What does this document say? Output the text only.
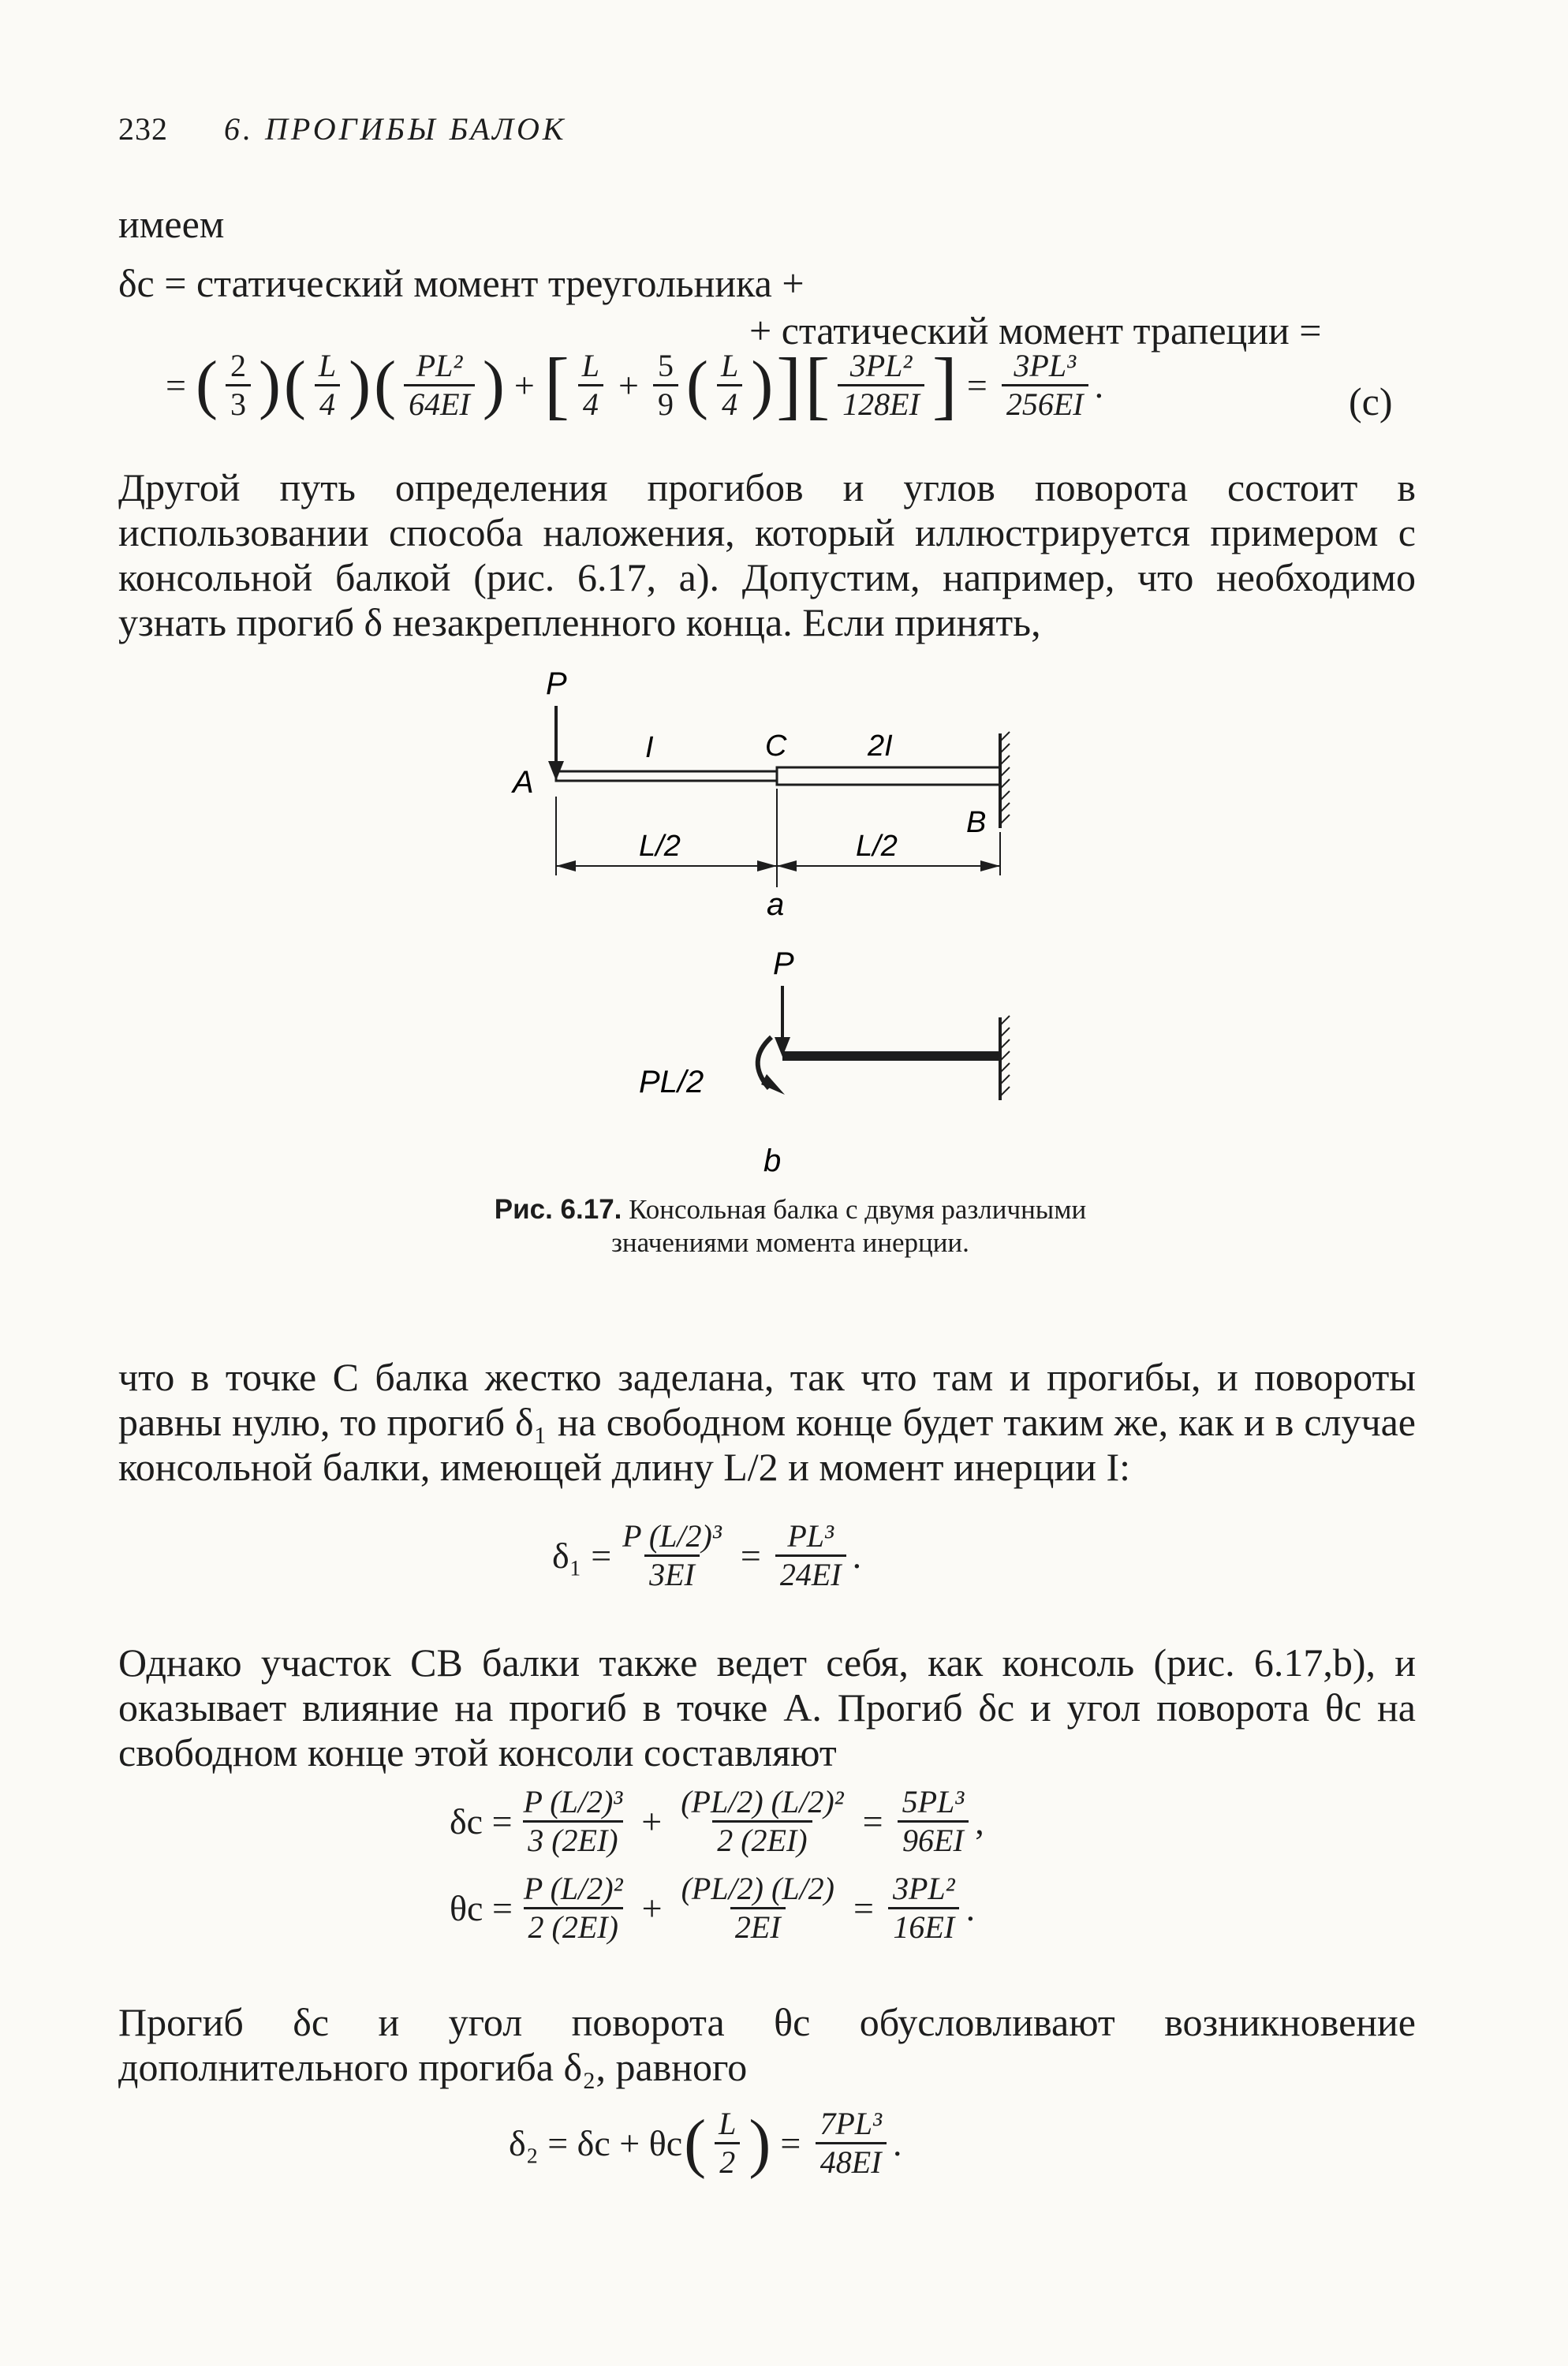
232 6. ПРОГИБЫ БАЛОК
имеем
δc = статический момент треугольника +
+ статический момент трапеции =
= ( $\frac{2}{3}$ ) ( $\frac{L}{4}$ ) ( $\frac{\text{PL²}}{64EI}$ ) + [ $\frac{L}{4} + \frac{5}{9}$ ( $\frac{L}{4}$ ) ] [ $\frac{\text{3PL²}}{128EI}$ ] = $\frac{\text{3PL³}}{256EI}$ .	(с)
Другой путь определения прогибов и углов поворота состоит в использовании способа наложения, который иллюстрируется примером с консольной балкой (рис. 6.17, а). Допустим, например, что необходимо узнать прогиб δ незакрепленного конца. Если принять,
P
A
I	C	2I
B
L/2	L/2
a
P
PL/2
b
Рис. 6.17. Консольная балка с двумя различными значениями момента инерции.
что в точке C балка жестко заделана, так что там и прогибы, и повороты равны нулю, то прогиб δ₁ на свободном конце будет таким же, как и в случае консольной балки, имеющей длину L/2 и момент инерции I:
$\delta_1 = \frac{\text{P (L/2)³}}{3EI} = \frac{\text{PL³}}{24EI}$ .
Однако участок CB балки также ведет себя, как консоль (рис. 6.17,b), и оказывает влияние на прогиб в точке A. Прогиб δc и угол поворота θc на свободном конце этой консоли составляют
$\delta c = \frac{\text{P (L/2)³}}{3 (2EI)} + \frac{\text{(PL/2) (L/2)²}}{2 (2EI)} = \frac{\text{5PL³}}{96EI}$ ,
$\theta c = \frac{\text{P (L/2)²}}{2 (2EI)} + \frac{(PL/2) (L/2)}{2EI} = \frac{\text{3PL²}}{16EI}$ .
Прогиб δc и угол поворота θc обусловливают возникновение дополнительного прогиба δ₂, равного
δ₂ = δc + θc ( $\frac{L}{2}$ ) = $\frac{\text{7PL³}}{48EI}$ .
